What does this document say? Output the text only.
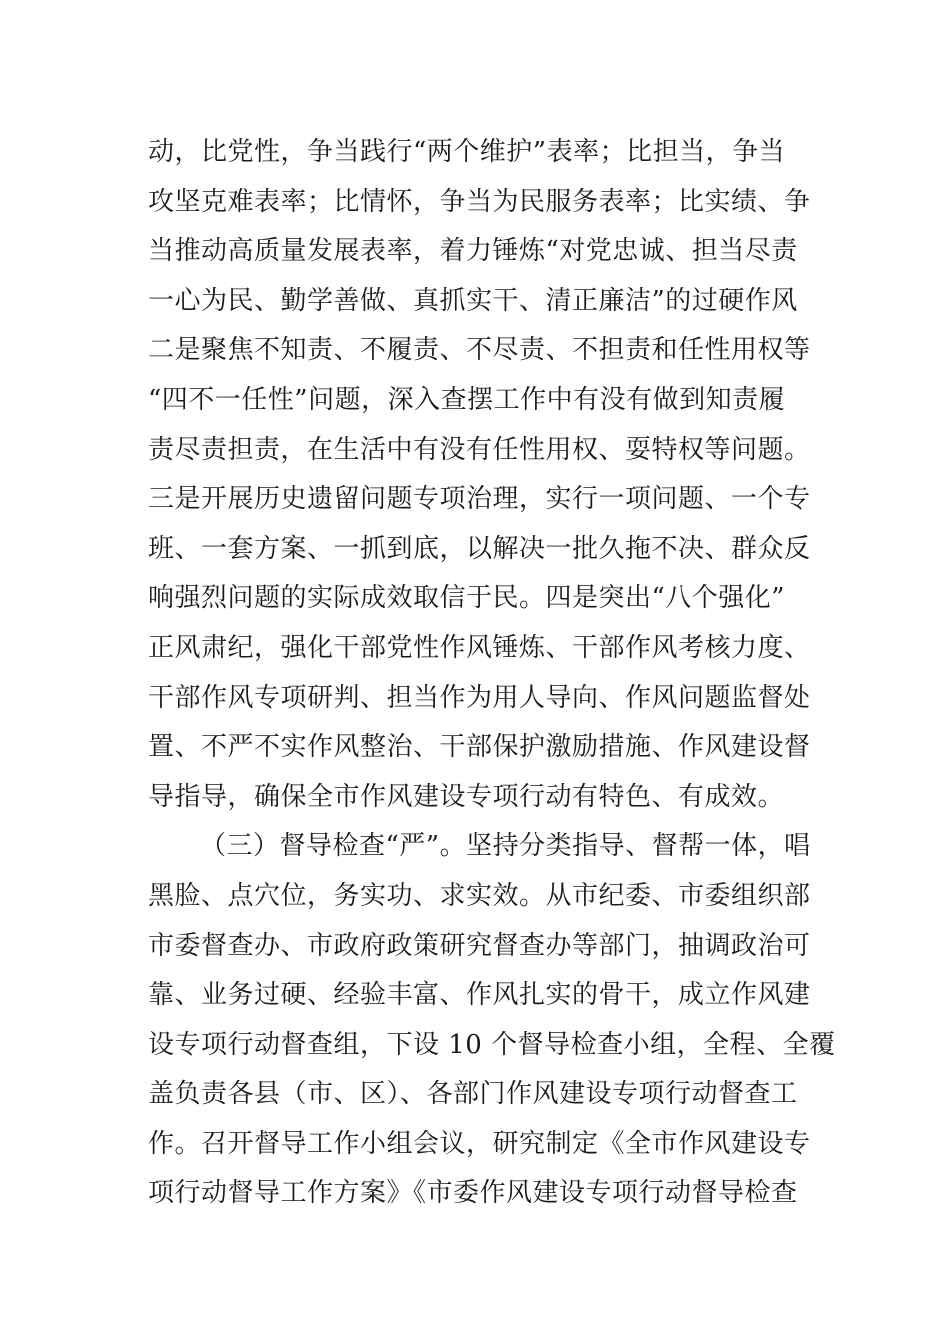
动，比党性，争当践行“两个维护”表率；比担当，争当
攻坚克难表率；比情怀，争当为民服务表率；比实绩、争
当推动高质量发展表率，着力锤炼“对党忠诚、担当尽责
一心为民、勤学善做、真抓实干、清正廉洁”的过硬作风
二是聚焦不知责、不履责、不尽责、不担责和任性用权等
“四不一任性”问题，深入查摆工作中有没有做到知责履
责尽责担责，在生活中有没有任性用权、耍特权等问题。
三是开展历史遗留问题专项治理，实行一项问题、一个专
班、一套方案、一抓到底，以解决一批久拖不决、群众反
响强烈问题的实际成效取信于民。四是突出“八个强化”
正风肃纪，强化干部党性作风锤炼、干部作风考核力度、
干部作风专项研判、担当作为用人导向、作风问题监督处
置、不严不实作风整治、干部保护激励措施、作风建设督
导指导，确保全市作风建设专项行动有特色、有成效。
（三）督导检查“严”。坚持分类指导、督帮一体，唱
黑脸、点穴位，务实功、求实效。从市纪委、市委组织部
市委督查办、市政府政策研究督查办等部门，抽调政治可
靠、业务过硬、经验丰富、作风扎实的骨干，成立作风建
设专项行动督查组，下设 10 个督导检查小组，全程、全覆
盖负责各县（市、区）、各部门作风建设专项行动督查工
作。召开督导工作小组会议，研究制定《全市作风建设专
项行动督导工作方案》《市委作风建设专项行动督导检查
